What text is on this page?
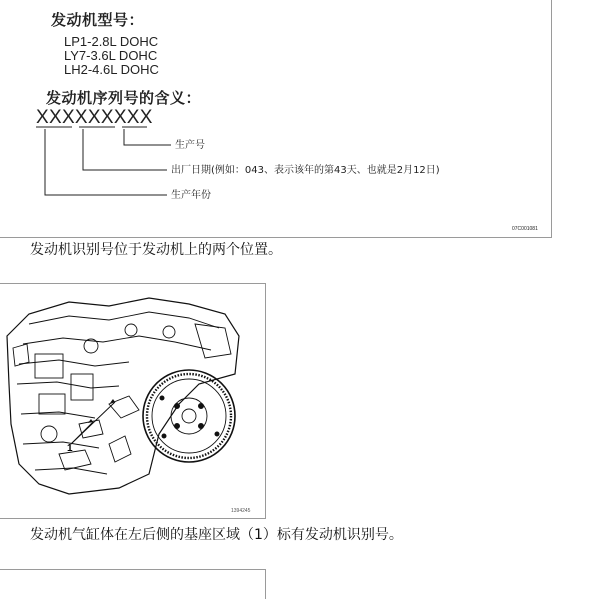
发动机型号：
LP1-2.8L DOHC
LY7-3.6L DOHC
LH2-4.6L DOHC
发动机序列号的含义：
XXXXXXXXX
生产号
出厂日期(例如：043、表示该年的第43天、也就是2月12日)
生产年份
07C001081
发动机识别号位于发动机上的两个位置。
1
1394245
发动机气缸体在左后侧的基座区域（1）标有发动机识别号。
